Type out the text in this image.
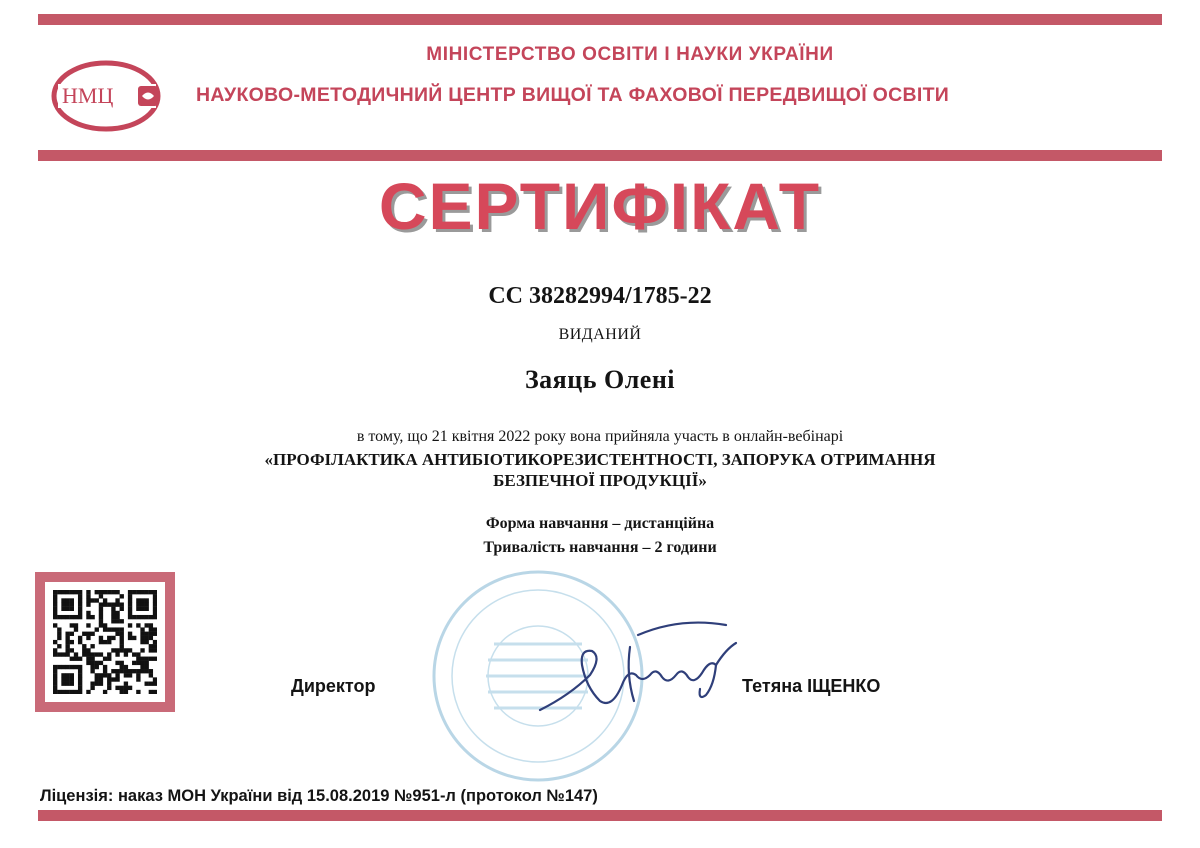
НМЦ
МІНІСТЕРСТВО ОСВІТИ І НАУКИ УКРАЇНИ
НАУКОВО-МЕТОДИЧНИЙ ЦЕНТР ВИЩОЇ ТА ФАХОВОЇ ПЕРЕДВИЩОЇ ОСВІТИ
СЕРТИФІКАТ
СС 38282994/1785-22
ВИДАНИЙ
Заяць Олені
в тому, що 21 квітня 2022 року вона прийняла участь в онлайн-вебінарі
«ПРОФІЛАКТИКА АНТИБІОТИКОРЕЗИСТЕНТНОСТІ, ЗАПОРУКА ОТРИМАННЯ
БЕЗПЕЧНОЇ ПРОДУКЦІЇ»
Форма навчання – дистанційна
Тривалість навчання – 2 години
Директор	Тетяна ІЩЕНКО
Ліцензія: наказ МОН України від 15.08.2019 №951-л (протокол №147)
